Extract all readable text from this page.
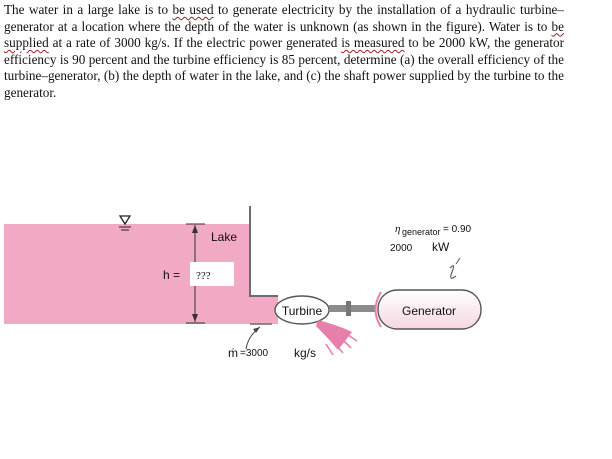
The water in a large lake is to be used to generate electricity by the installation of a hydraulic turbine–generator at a location where the depth of the water is unknown (as shown in the figure). Water is to be supplied at a rate of 3000 kg/s. If the electric power generated is measured to be 2000 kW, the generator efficiency is 90 percent and the turbine efficiency is 85 percent, determine (a) the overall efficiency of the turbine–generator, (b) the depth of water in the lake, and (c) the shaft power supplied by the turbine to the generator.

h = ???
Lake
Turbine	Generator
η generator = 0.90
2000 kW
ṁ =3000 kg/s
